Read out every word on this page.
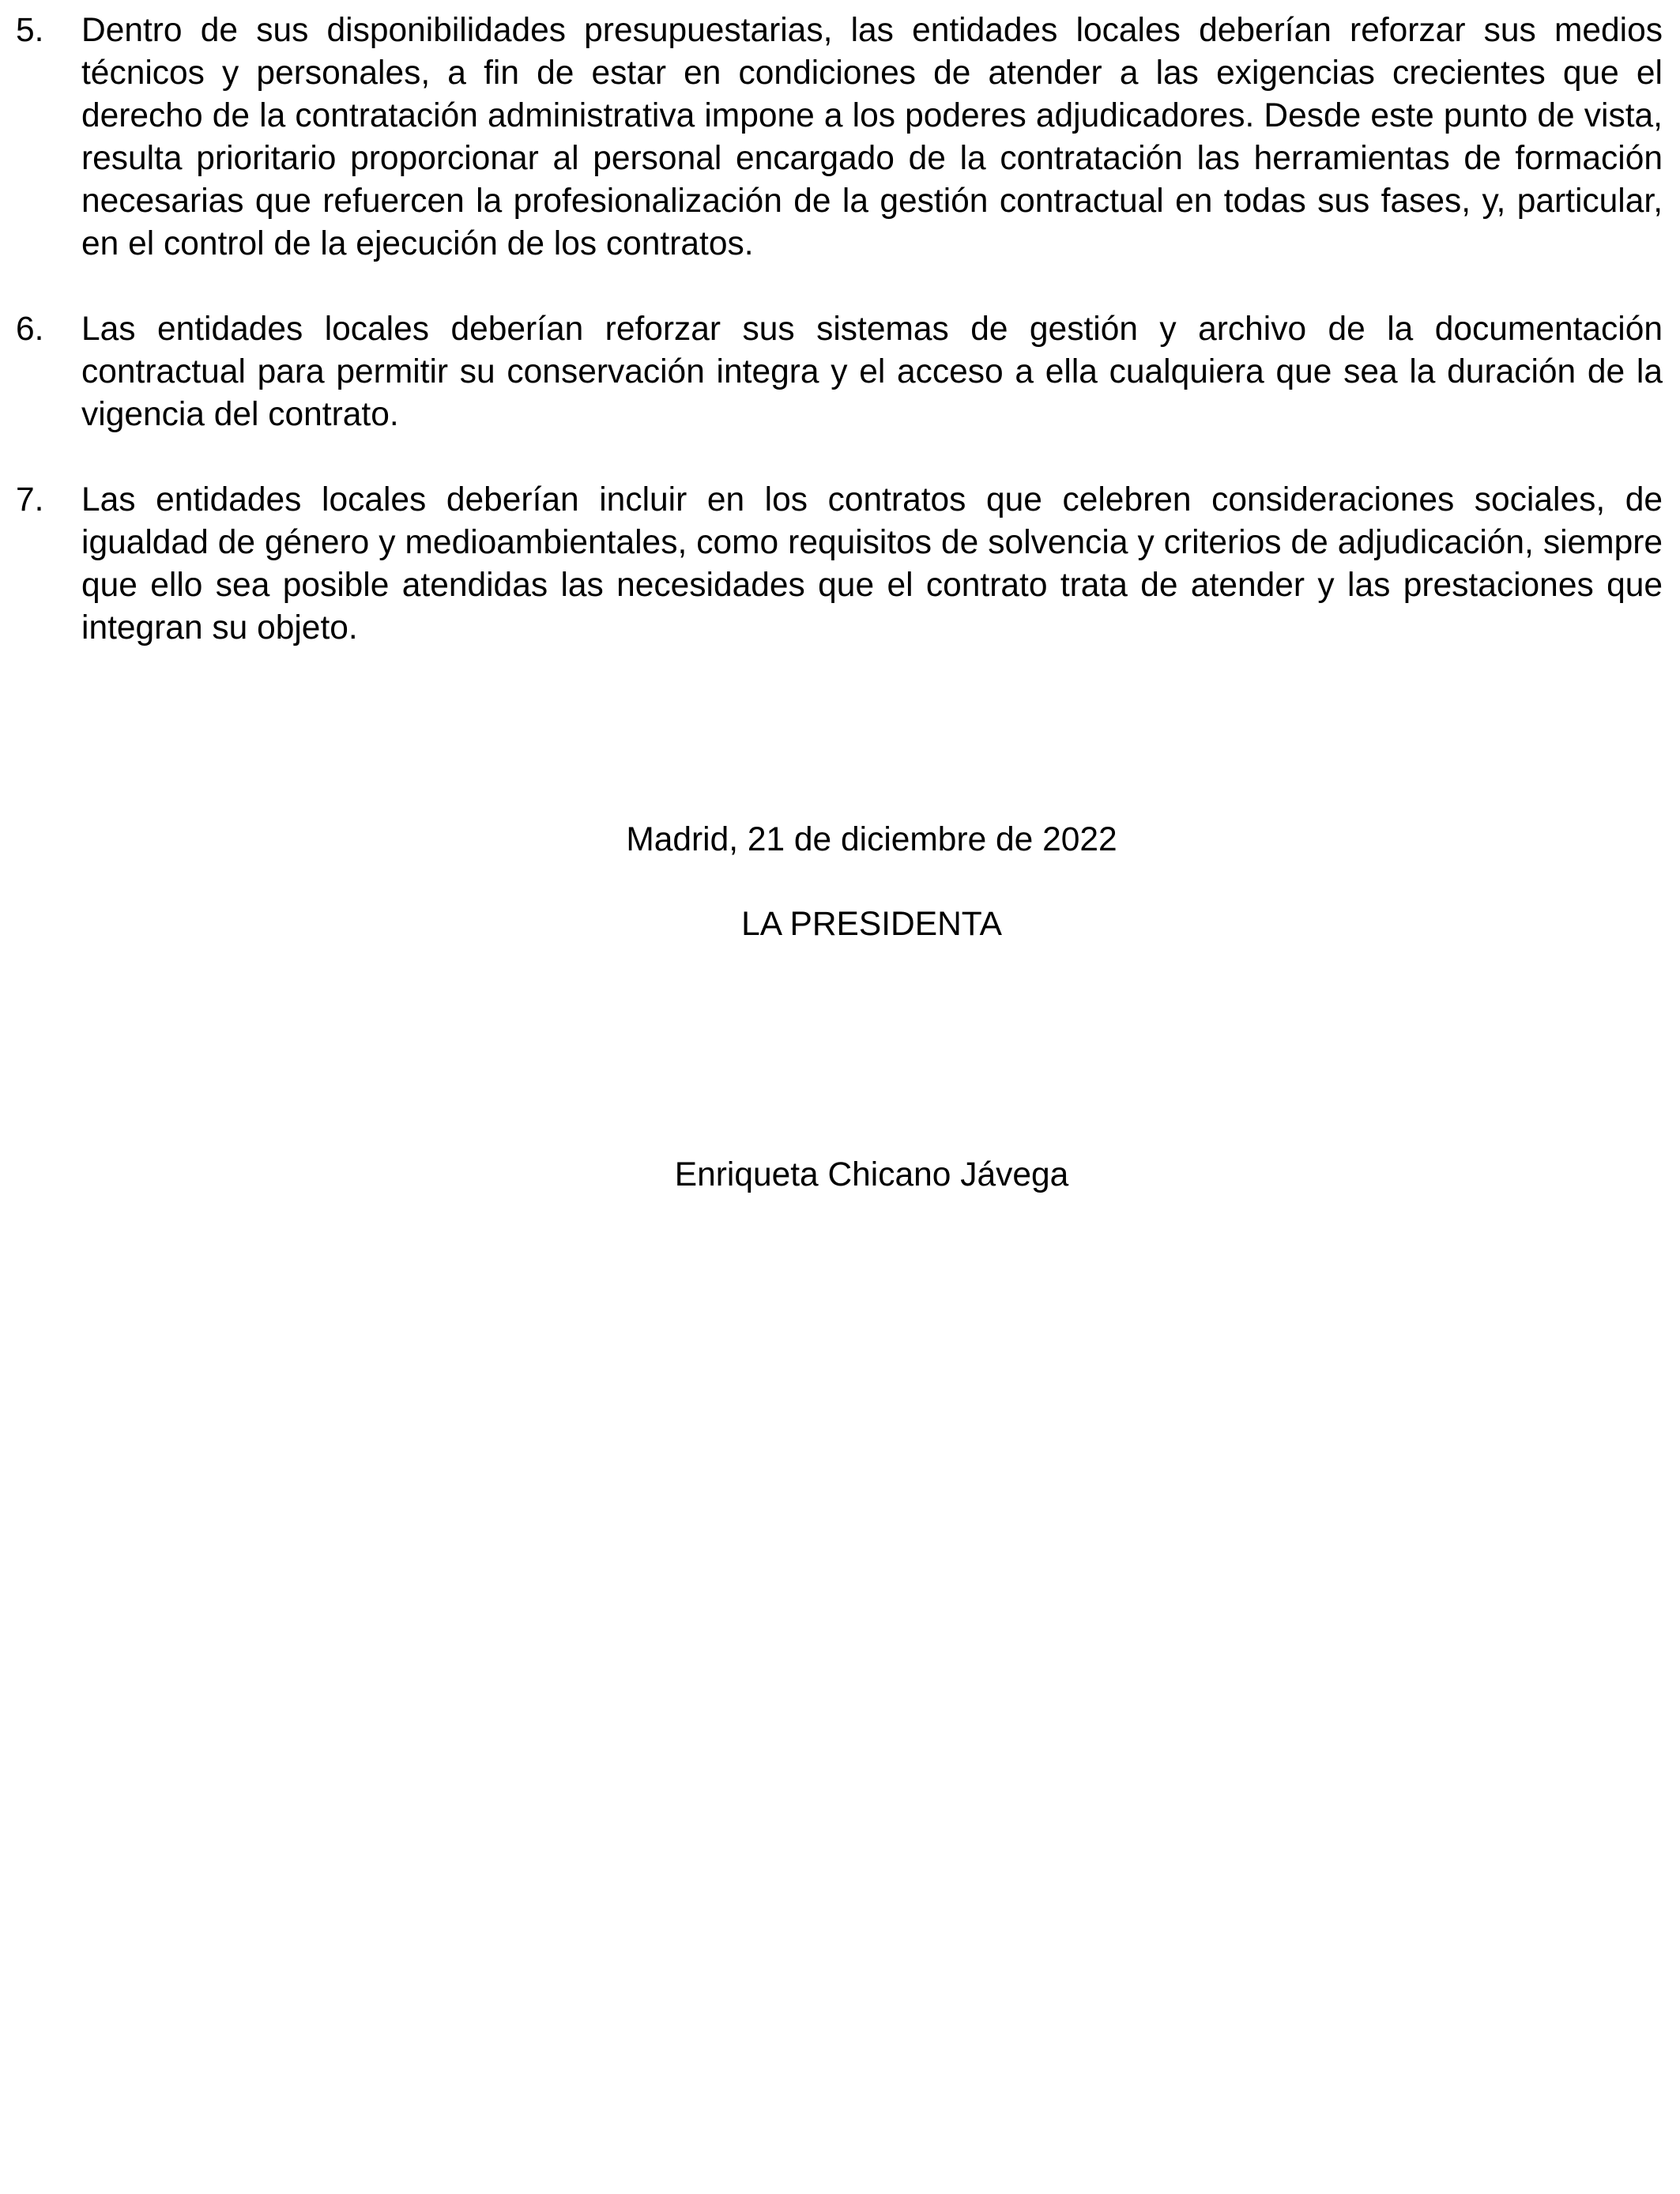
5. Dentro de sus disponibilidades presupuestarias, las entidades locales deberían reforzar sus medios técnicos y personales, a fin de estar en condiciones de atender a las exigencias crecientes que el derecho de la contratación administrativa impone a los poderes adjudicadores. Desde este punto de vista, resulta prioritario proporcionar al personal encargado de la contratación las herramientas de formación necesarias que refuercen la profesionalización de la gestión contractual en todas sus fases, y, particular, en el control de la ejecución de los contratos.
6. Las entidades locales deberían reforzar sus sistemas de gestión y archivo de la documentación contractual para permitir su conservación integra y el acceso a ella cualquiera que sea la duración de la vigencia del contrato.
7. Las entidades locales deberían incluir en los contratos que celebren consideraciones sociales, de igualdad de género y medioambientales, como requisitos de solvencia y criterios de adjudicación, siempre que ello sea posible atendidas las necesidades que el contrato trata de atender y las prestaciones que integran su objeto.
Madrid, 21 de diciembre de 2022
LA PRESIDENTA
Enriqueta Chicano Jávega
